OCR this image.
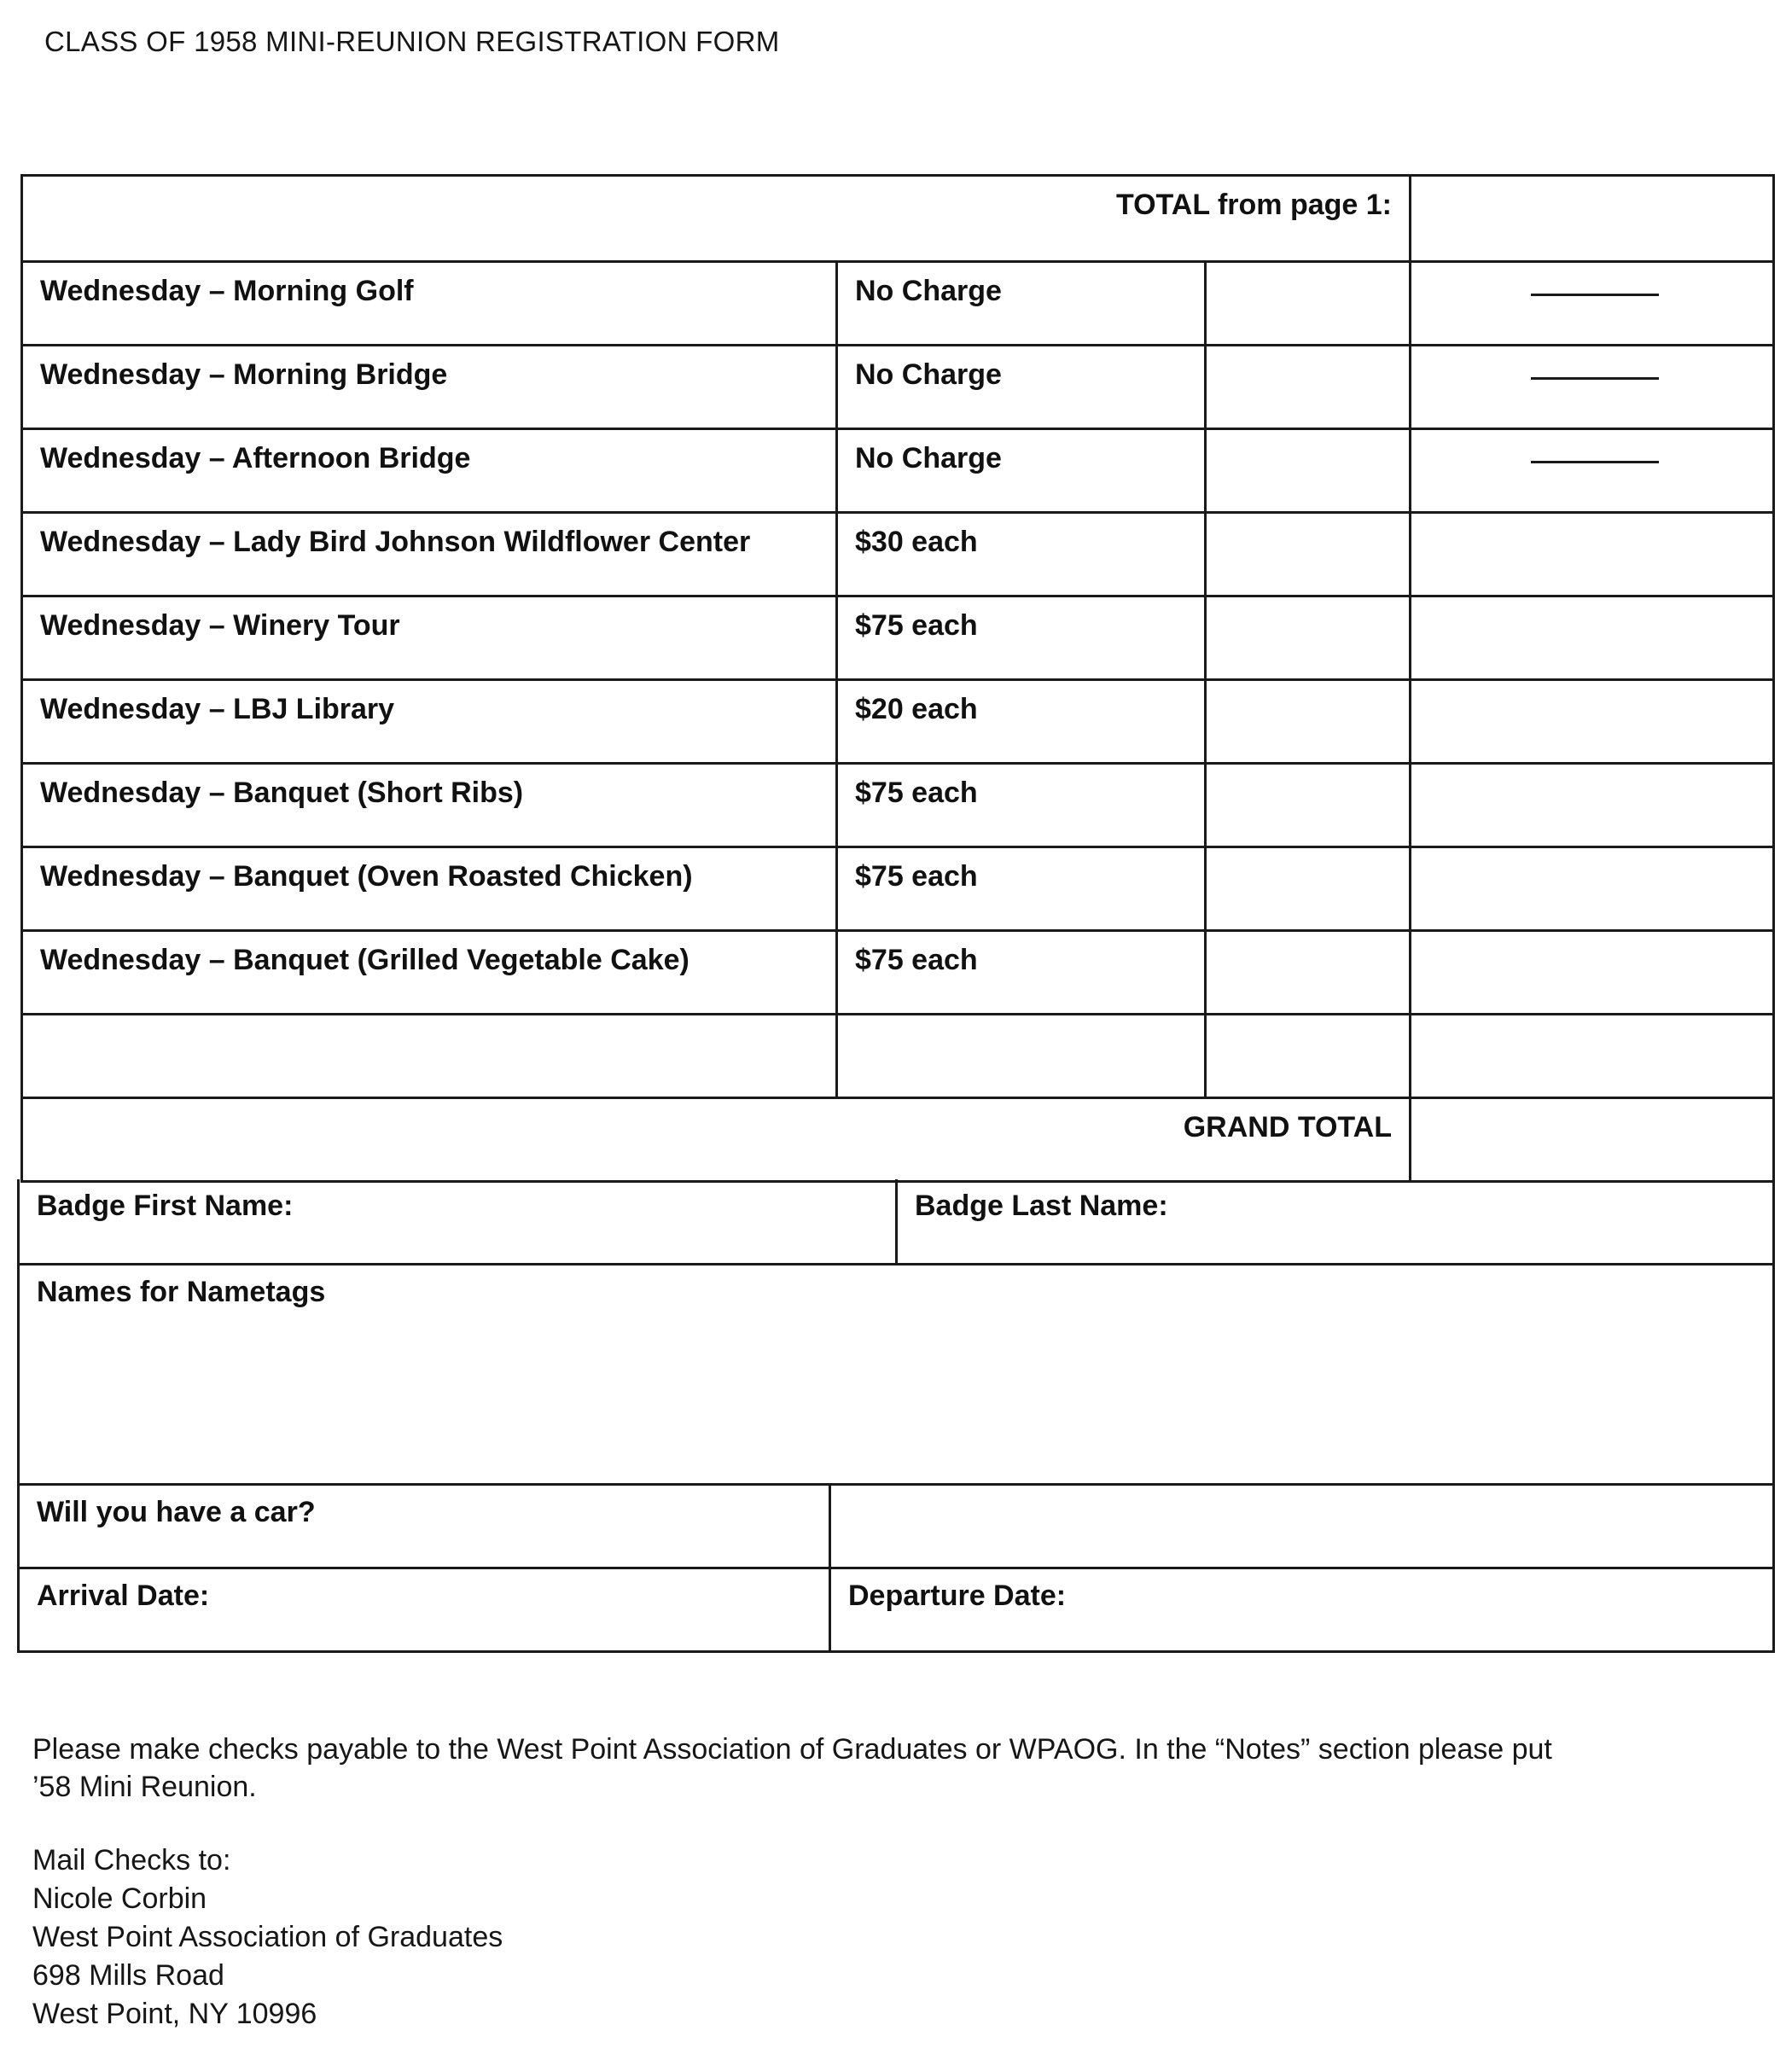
CLASS OF 1958 MINI-REUNION REGISTRATION FORM
TOTAL from page 1:
Wednesday – Morning Golf	No Charge
Wednesday – Morning Bridge	No Charge
Wednesday – Afternoon Bridge	No Charge
Wednesday – Lady Bird Johnson Wildflower Center	$30 each
Wednesday – Winery Tour	$75 each
Wednesday – LBJ Library	$20 each
Wednesday – Banquet (Short Ribs)	$75 each
Wednesday – Banquet (Oven Roasted Chicken)	$75 each
Wednesday – Banquet (Grilled Vegetable Cake)	$75 each
GRAND TOTAL
Badge First Name:	Badge Last Name:
Names for Nametags
Will you have a car?
Arrival Date:	Departure Date:
Please make checks payable to the West Point Association of Graduates or WPAOG. In the “Notes” section please put
’58 Mini Reunion.
Mail Checks to:
Nicole Corbin
West Point Association of Graduates
698 Mills Road
West Point, NY 10996
